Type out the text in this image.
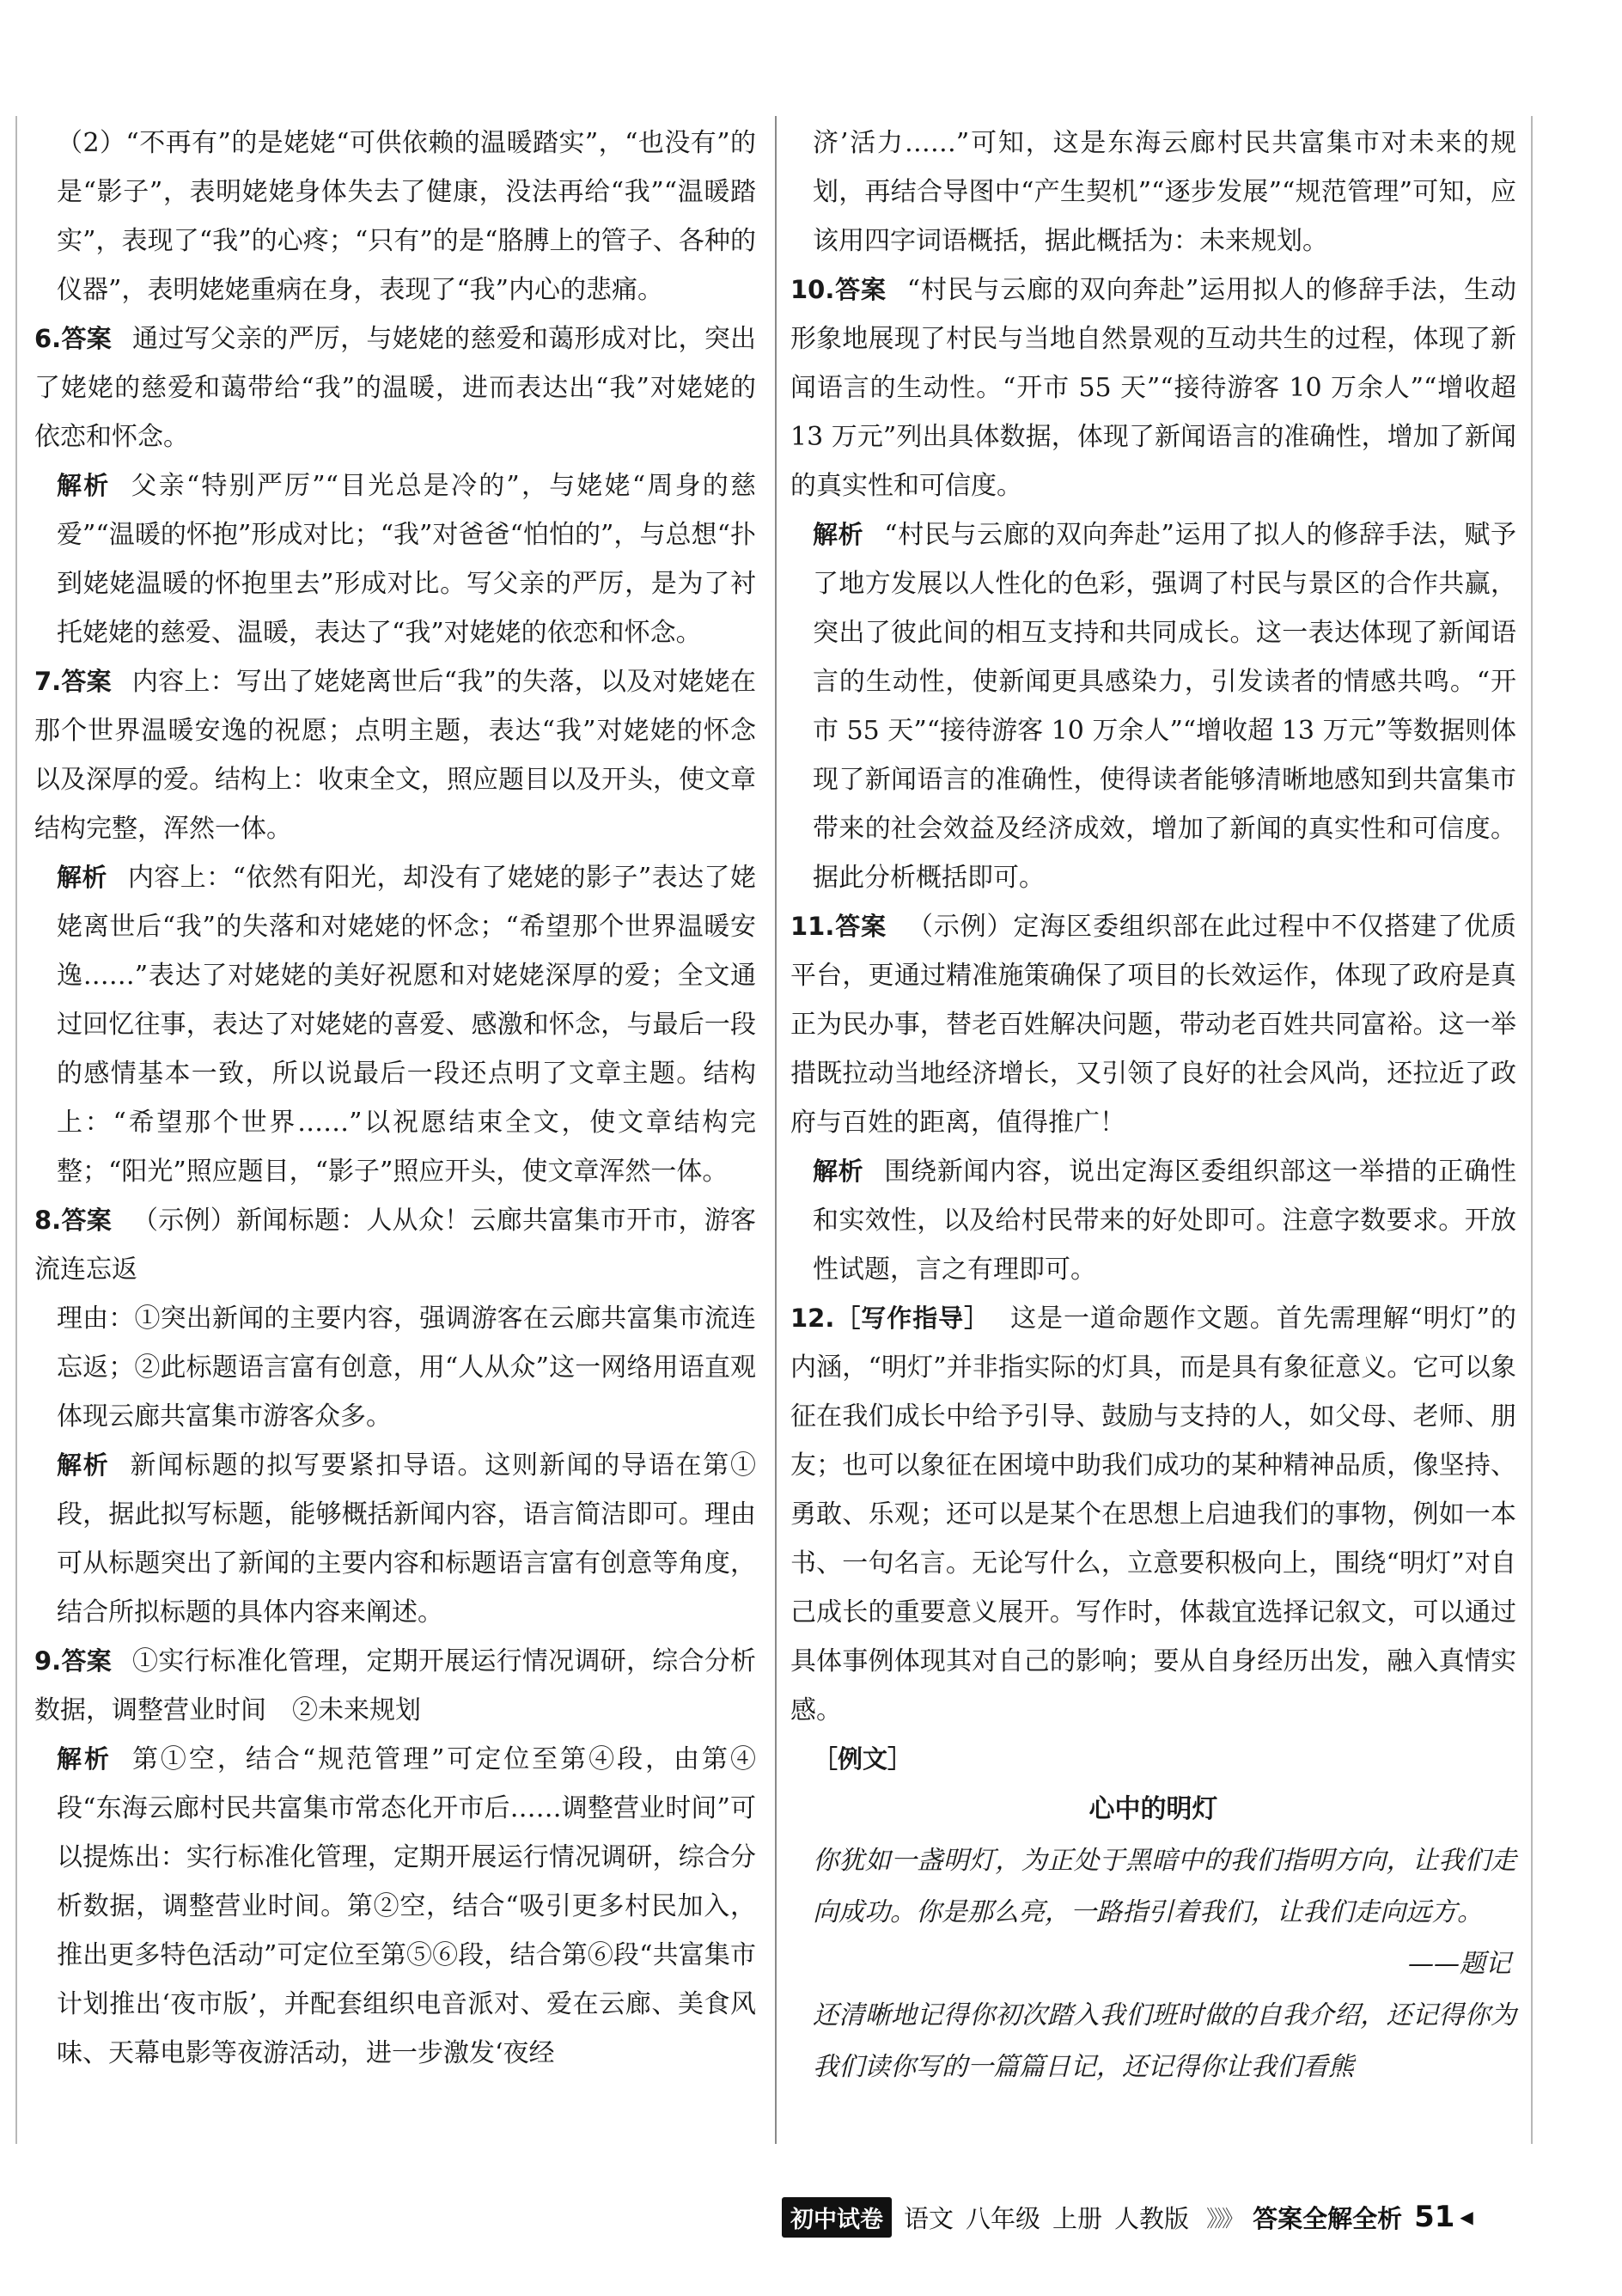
（2）“不再有”的是姥姥“可供依赖的温暖踏实”，“也没有”的是“影子”，表明姥姥身体失去了健康，没法再给“我”“温暖踏实”，表现了“我”的心疼；“只有”的是“胳膊上的管子、各种的仪器”，表明姥姥重病在身，表现了“我”内心的悲痛。

6.答案 通过写父亲的严厉，与姥姥的慈爱和蔼形成对比，突出了姥姥的慈爱和蔼带给“我”的温暖，进而表达出“我”对姥姥的依恋和怀念。

解析 父亲“特别严厉”“目光总是冷的”，与姥姥“周身的慈爱”“温暖的怀抱”形成对比；“我”对爸爸“怕怕的”，与总想“扑到姥姥温暖的怀抱里去”形成对比。写父亲的严厉，是为了衬托姥姥的慈爱、温暖，表达了“我”对姥姥的依恋和怀念。

7.答案 内容上：写出了姥姥离世后“我”的失落，以及对姥姥在那个世界温暖安逸的祝愿；点明主题，表达“我”对姥姥的怀念以及深厚的爱。结构上：收束全文，照应题目以及开头，使文章结构完整，浑然一体。

解析 内容上：“依然有阳光，却没有了姥姥的影子”表达了姥姥离世后“我”的失落和对姥姥的怀念；“希望那个世界温暖安逸……”表达了对姥姥的美好祝愿和对姥姥深厚的爱；全文通过回忆往事，表达了对姥姥的喜爱、感激和怀念，与最后一段的感情基本一致，所以说最后一段还点明了文章主题。结构上：“希望那个世界……”以祝愿结束全文，使文章结构完整；“阳光”照应题目，“影子”照应开头，使文章浑然一体。

8.答案 （示例）新闻标题：人从众！云廊共富集市开市，游客流连忘返

理由：①突出新闻的主要内容，强调游客在云廊共富集市流连忘返；②此标题语言富有创意，用“人从众”这一网络用语直观体现云廊共富集市游客众多。

解析 新闻标题的拟写要紧扣导语。这则新闻的导语在第①段，据此拟写标题，能够概括新闻内容，语言简洁即可。理由可从标题突出了新闻的主要内容和标题语言富有创意等角度，结合所拟标题的具体内容来阐述。

9.答案 ①实行标准化管理，定期开展运行情况调研，综合分析数据，调整营业时间　②未来规划

解析 第①空，结合“规范管理”可定位至第④段，由第④段“东海云廊村民共富集市常态化开市后……调整营业时间”可以提炼出：实行标准化管理，定期开展运行情况调研，综合分析数据，调整营业时间。第②空，结合“吸引更多村民加入，推出更多特色活动”可定位至第⑤⑥段，结合第⑥段“共富集市计划推出‘夜市版’，并配套组织电音派对、爱在云廊、美食风味、天幕电影等夜游活动，进一步激发‘夜经

济’活力……”可知，这是东海云廊村民共富集市对未来的规划，再结合导图中“产生契机”“逐步发展”“规范管理”可知，应该用四字词语概括，据此概括为：未来规划。

10.答案 “村民与云廊的双向奔赴”运用拟人的修辞手法，生动形象地展现了村民与当地自然景观的互动共生的过程，体现了新闻语言的生动性。“开市 55 天”“接待游客 10 万余人”“增收超 13 万元”列出具体数据，体现了新闻语言的准确性，增加了新闻的真实性和可信度。

解析 “村民与云廊的双向奔赴”运用了拟人的修辞手法，赋予了地方发展以人性化的色彩，强调了村民与景区的合作共赢，突出了彼此间的相互支持和共同成长。这一表达体现了新闻语言的生动性，使新闻更具感染力，引发读者的情感共鸣。“开市 55 天”“接待游客 10 万余人”“增收超 13 万元”等数据则体现了新闻语言的准确性，使得读者能够清晰地感知到共富集市带来的社会效益及经济成效，增加了新闻的真实性和可信度。据此分析概括即可。

11.答案 （示例）定海区委组织部在此过程中不仅搭建了优质平台，更通过精准施策确保了项目的长效运作，体现了政府是真正为民办事，替老百姓解决问题，带动老百姓共同富裕。这一举措既拉动当地经济增长，又引领了良好的社会风尚，还拉近了政府与百姓的距离，值得推广！

解析 围绕新闻内容，说出定海区委组织部这一举措的正确性和实效性，以及给村民带来的好处即可。注意字数要求。开放性试题，言之有理即可。

12.［写作指导］ 这是一道命题作文题。首先需理解“明灯”的内涵，“明灯”并非指实际的灯具，而是具有象征意义。它可以象征在我们成长中给予引导、鼓励与支持的人，如父母、老师、朋友；也可以象征在困境中助我们成功的某种精神品质，像坚持、勇敢、乐观；还可以是某个在思想上启迪我们的事物，例如一本书、一句名言。无论写什么，立意要积极向上，围绕“明灯”对自己成长的重要意义展开。写作时，体裁宜选择记叙文，可以通过具体事例体现其对自己的影响；要从自身经历出发，融入真情实感。

［例文］

心中的明灯

你犹如一盏明灯，为正处于黑暗中的我们指明方向，让我们走向成功。你是那么亮，一路指引着我们，让我们走向远方。

——题记

还清晰地记得你初次踏入我们班时做的自我介绍，还记得你为我们读你写的一篇篇日记，还记得你让我们看熊

初中试卷 语文 八年级 上册 人教版 》》》 答案全解全析 51 ◀
